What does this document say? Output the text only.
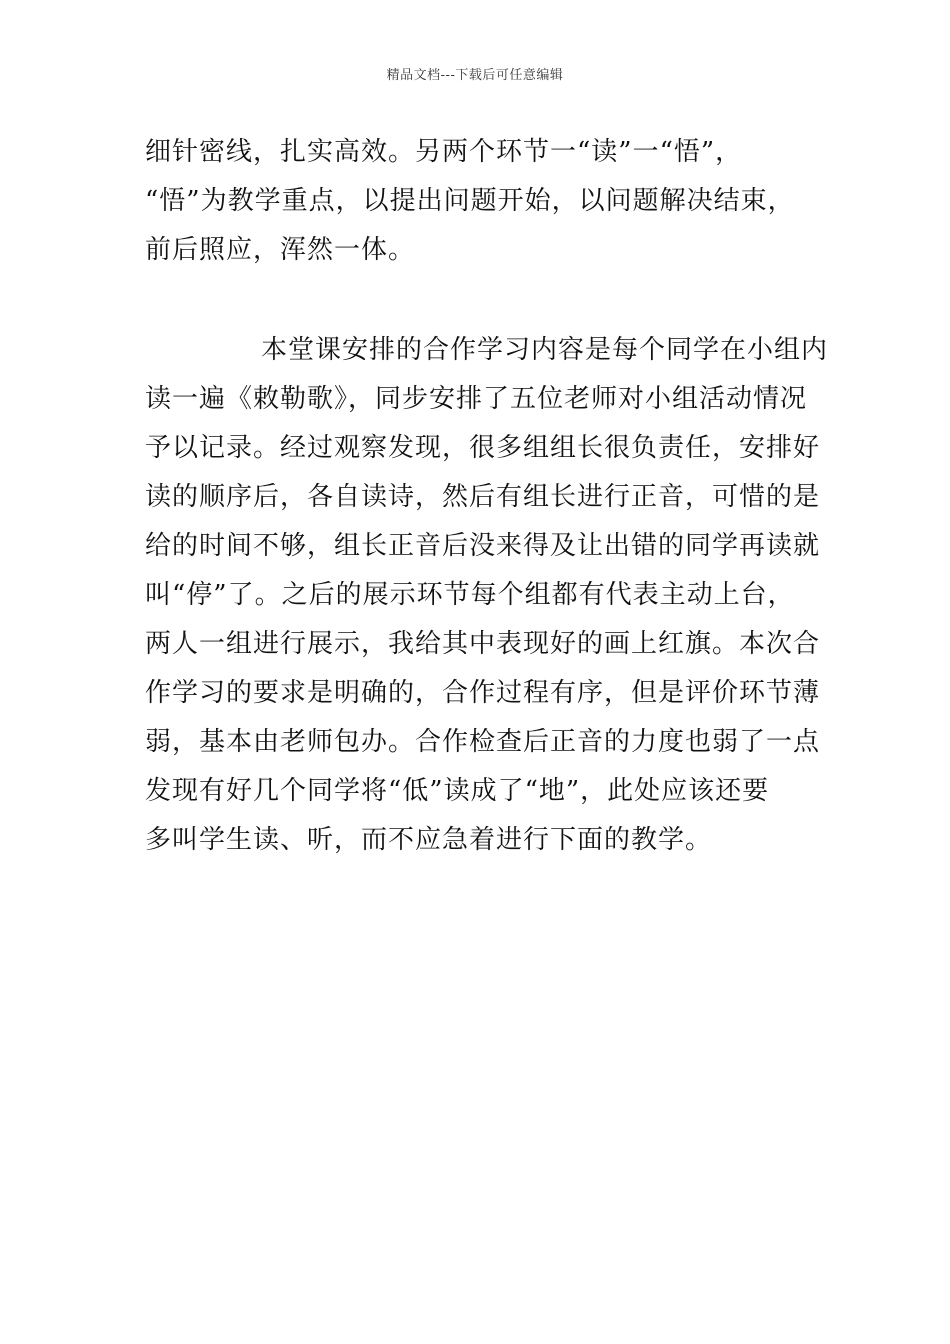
精品文档---下载后可任意编辑
细针密线，扎实高效。另两个环节一“读”一“悟”，
“悟”为教学重点，以提出问题开始，以问题解决结束，
前后照应，浑然一体。
本堂课安排的合作学习内容是每个同学在小组内
读一遍《敕勒歌》，同步安排了五位老师对小组活动情况
予以记录。经过观察发现，很多组组长很负责任，安排好
读的顺序后，各自读诗，然后有组长进行正音，可惜的是
给的时间不够，组长正音后没来得及让出错的同学再读就
叫“停”了。之后的展示环节每个组都有代表主动上台，
两人一组进行展示，我给其中表现好的画上红旗。本次合
作学习的要求是明确的，合作过程有序，但是评价环节薄
弱，基本由老师包办。合作检查后正音的力度也弱了一点
发现有好几个同学将“低”读成了“地”，此处应该还要
多叫学生读、听，而不应急着进行下面的教学。
